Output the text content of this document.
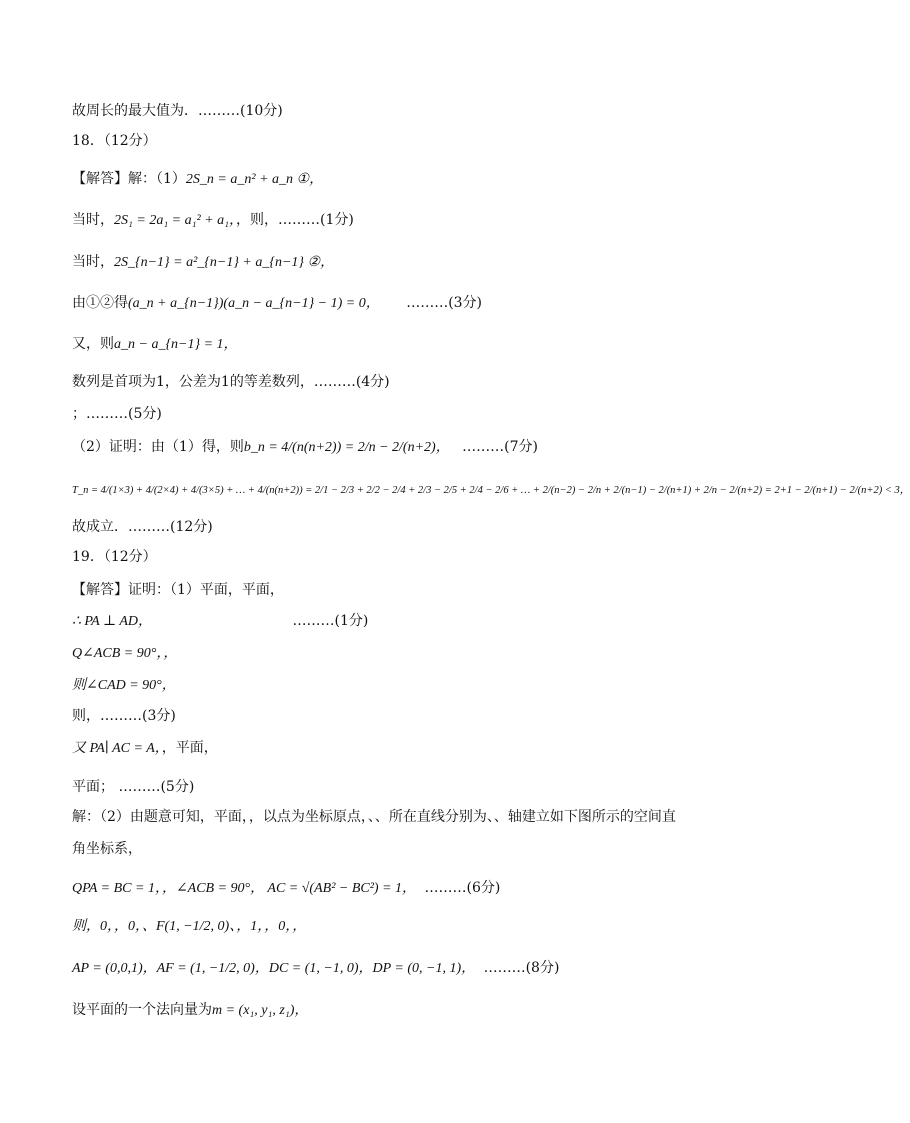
故周长的最大值为．………(10分)
18．（12分）
【解答】解：（1）2S_n = a_n² + a_n ①，
当时，2S₁ = 2a₁ = a₁² + a₁，，则，………(1分)
当时，2S_{n−1} = a²_{n−1} + a_{n−1} ②，
由①②得(a_n + a_{n−1})(a_n − a_{n−1} − 1) = 0， ………(3分)
又，则a_n − a_{n−1} = 1，
数列是首项为1，公差为1的等差数列，………(4分)
；………(5分)
（2）证明：由（1）得，则b_n = 4/(n(n+2)) = 2/n − 2/(n+2)， ………(7分)
T_n = 4/(1×3) + 4/(2×4) + 4/(3×5) + … + 4/(n(n+2)) = 2/1 − 2/3 + 2/2 − 2/4 + 2/3 − 2/5 + 2/4 − 2/6 + … + 2/(n−2) − 2/n + 2/(n−1) − 2/(n+1) + 2/n − 2/(n+2) = 2+1 − 2/(n+1) − 2/(n+2) < 3，
故成立．………(12分)
19．（12分）
【解答】证明：（1）平面，平面，
∴ PA ⊥ AD，	………(1分)
Q∠ACB = 90°，，
则∠CAD = 90°，
则，………(3分)
又 PA∣ AC = A，，平面，
平面； ………(5分)
解：（2）由题意可知，平面，，以点为坐标原点，、、所在直线分别为、、轴建立如下图所示的空间直
角坐标系，
QPA = BC = 1，，∠ACB = 90°， AC = √(AB² − BC²) = 1， ………(6分)
则，0，，0，、F(1, −1/2, 0)、，1，，0，，
AP = (0,0,1)，AF = (1, −1/2, 0)，DC = (1, −1, 0)，DP = (0, −1, 1)， ………(8分)
设平面的一个法向量为m = (x₁, y₁, z₁)，
